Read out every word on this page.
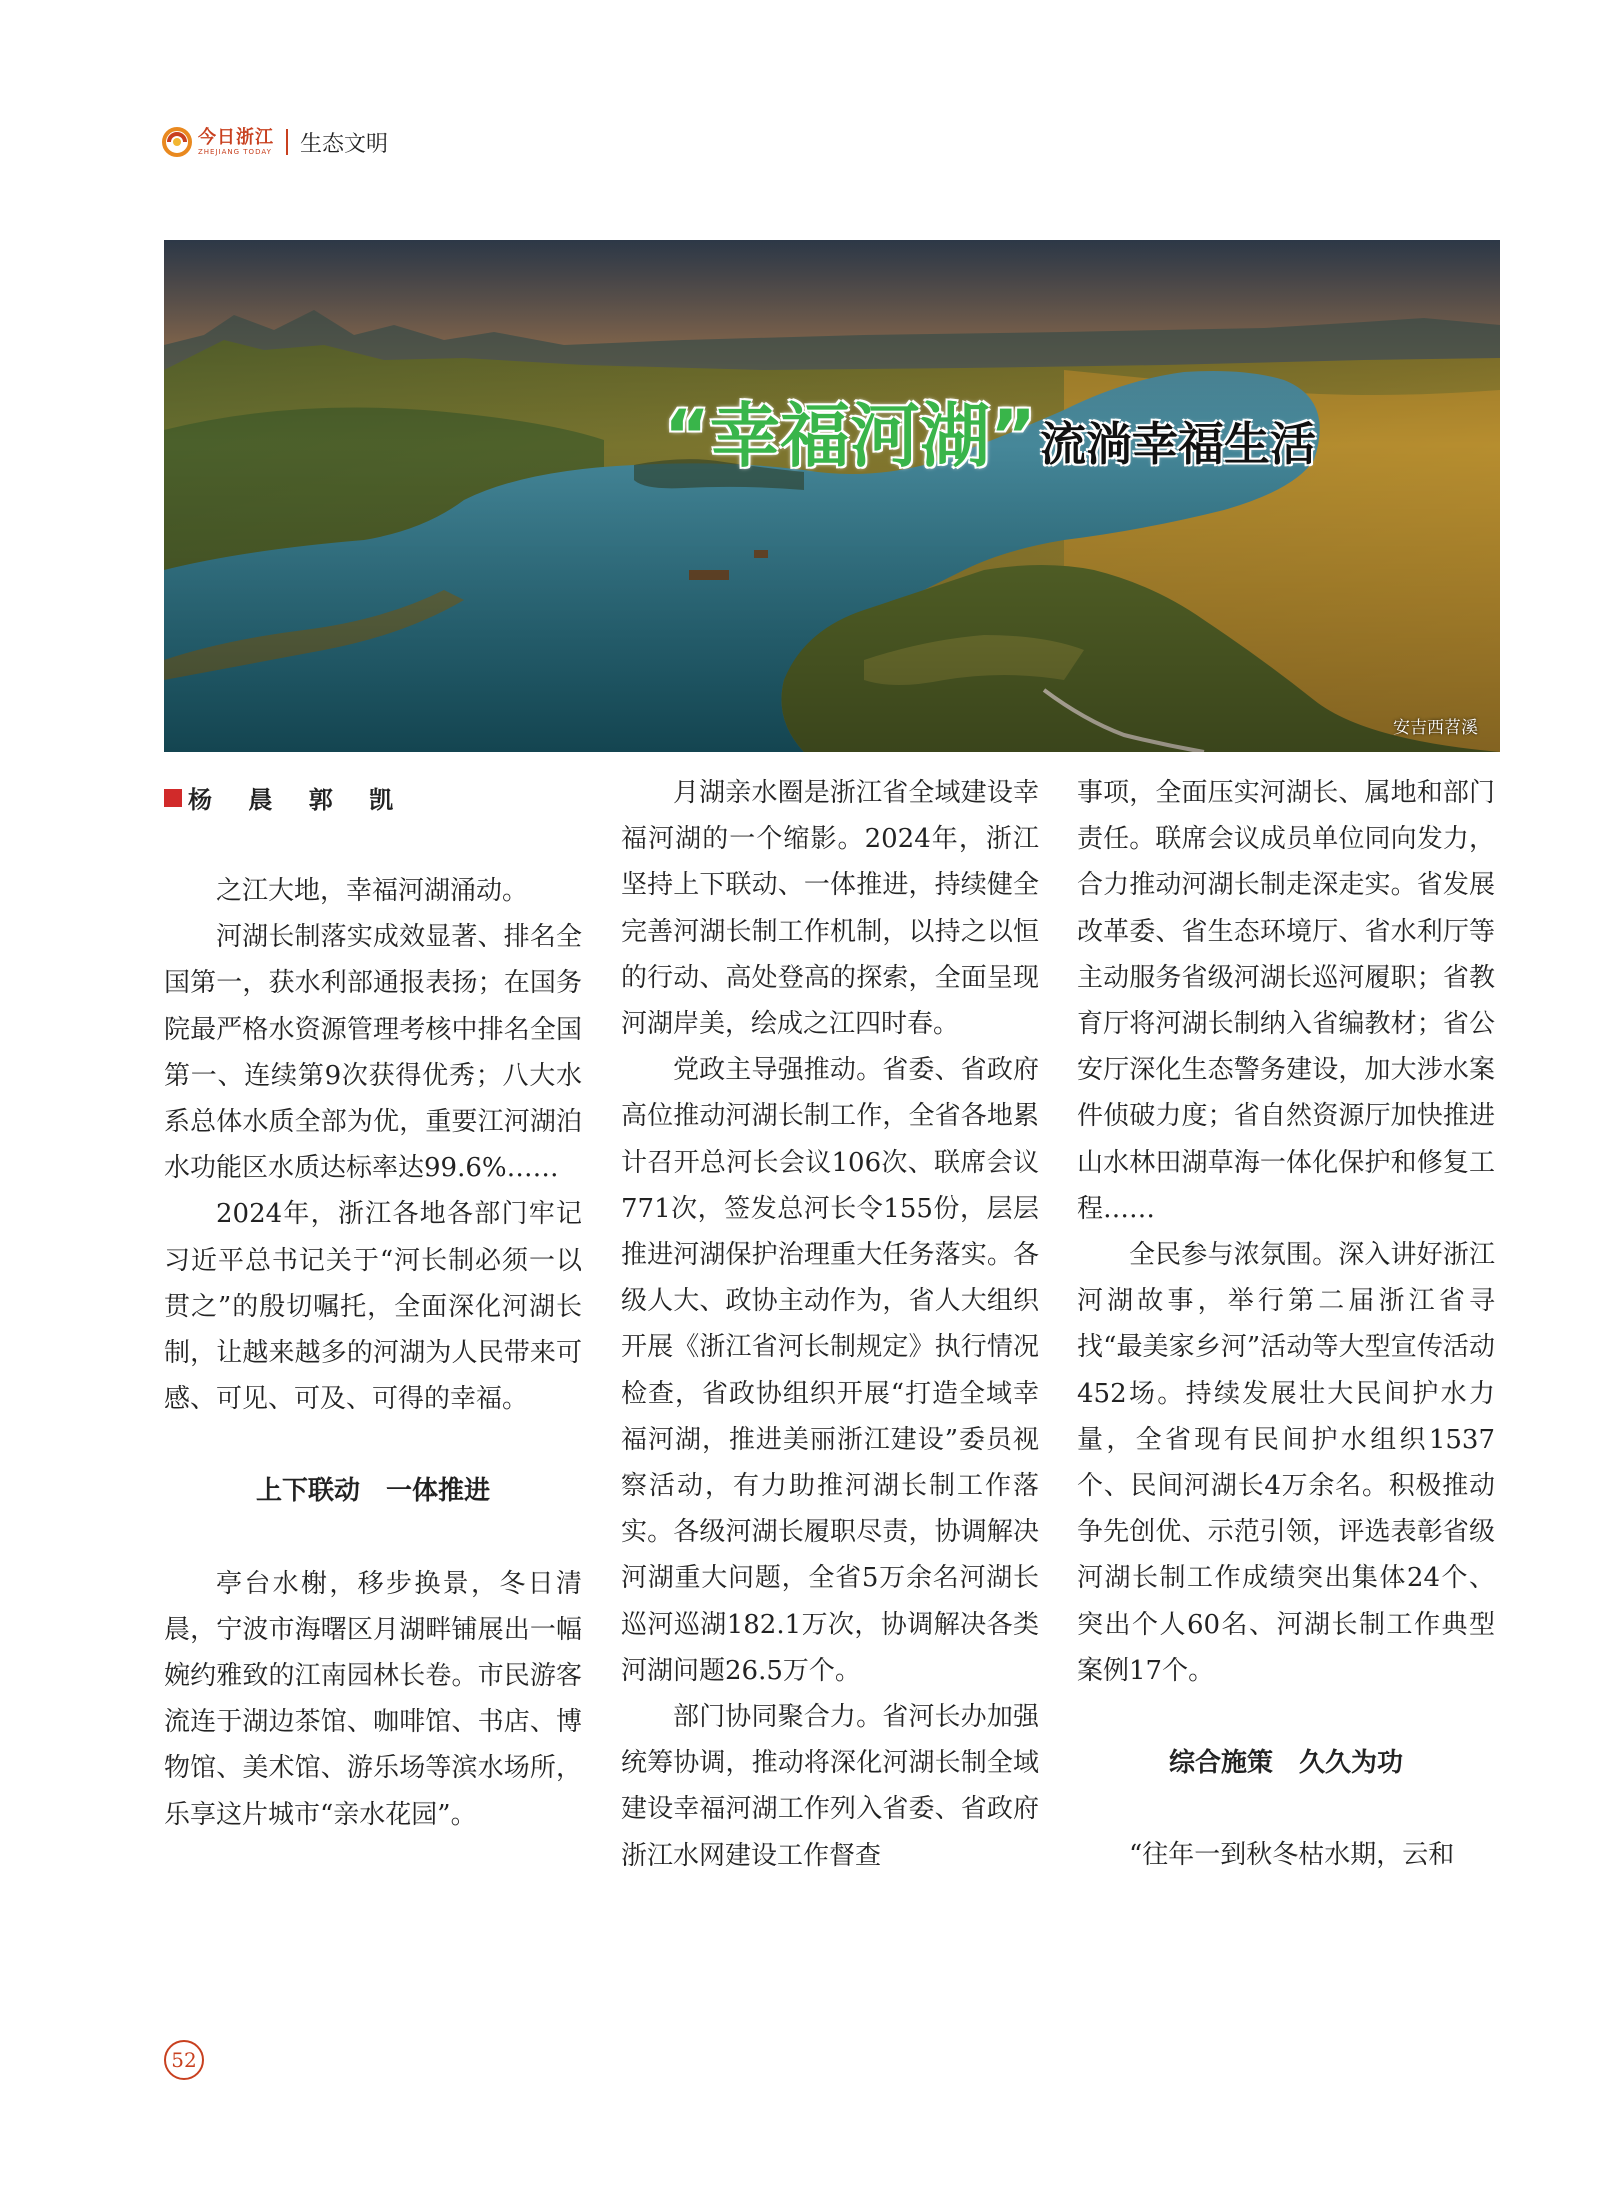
今日浙江
ZHEJIANG TODAY 生态文明
“幸福河湖” 流淌幸福生活
安吉西苕溪
杨 晨 郭 凯

之江大地，幸福河湖涌动。

河湖长制落实成效显著、排名全国第一，获水利部通报表扬；在国务院最严格水资源管理考核中排名全国第一、连续第9次获得优秀；八大水系总体水质全部为优，重要江河湖泊水功能区水质达标率达99.6%……

2024年，浙江各地各部门牢记习近平总书记关于“河长制必须一以贯之”的殷切嘱托，全面深化河湖长制，让越来越多的河湖为人民带来可感、可见、可及、可得的幸福。

上下联动　一体推进

亭台水榭，移步换景，冬日清晨，宁波市海曙区月湖畔铺展出一幅婉约雅致的江南园林长卷。市民游客流连于湖边茶馆、咖啡馆、书店、博物馆、美术馆、游乐场等滨水场所，乐享这片城市“亲水花园”。

月湖亲水圈是浙江省全域建设幸福河湖的一个缩影。2024年，浙江坚持上下联动、一体推进，持续健全完善河湖长制工作机制，以持之以恒的行动、高处登高的探索，全面呈现河湖岸美，绘成之江四时春。

党政主导强推动。省委、省政府高位推动河湖长制工作，全省各地累计召开总河长会议106次、联席会议771次，签发总河长令155份，层层推进河湖保护治理重大任务落实。各级人大、政协主动作为，省人大组织开展《浙江省河长制规定》执行情况检查，省政协组织开展“打造全域幸福河湖，推进美丽浙江建设”委员视察活动，有力助推河湖长制工作落实。各级河湖长履职尽责，协调解决河湖重大问题，全省5万余名河湖长巡河巡湖182.1万次，协调解决各类河湖问题26.5万个。

部门协同聚合力。省河长办加强统筹协调，推动将深化河湖长制全域建设幸福河湖工作列入省委、省政府浙江水网建设工作督查

事项，全面压实河湖长、属地和部门责任。联席会议成员单位同向发力，合力推动河湖长制走深走实。省发展改革委、省生态环境厅、省水利厅等主动服务省级河湖长巡河履职；省教育厅将河湖长制纳入省编教材；省公安厅深化生态警务建设，加大涉水案件侦破力度；省自然资源厅加快推进山水林田湖草海一体化保护和修复工程……

全民参与浓氛围。深入讲好浙江河湖故事，举行第二届浙江省寻找“最美家乡河”活动等大型宣传活动452场。持续发展壮大民间护水力量，全省现有民间护水组织1537个、民间河湖长4万余名。积极推动争先创优、示范引领，评选表彰省级河湖长制工作成绩突出集体24个、突出个人60名、河湖长制工作典型案例17个。

综合施策　久久为功

“往年一到秋冬枯水期，云和

52
